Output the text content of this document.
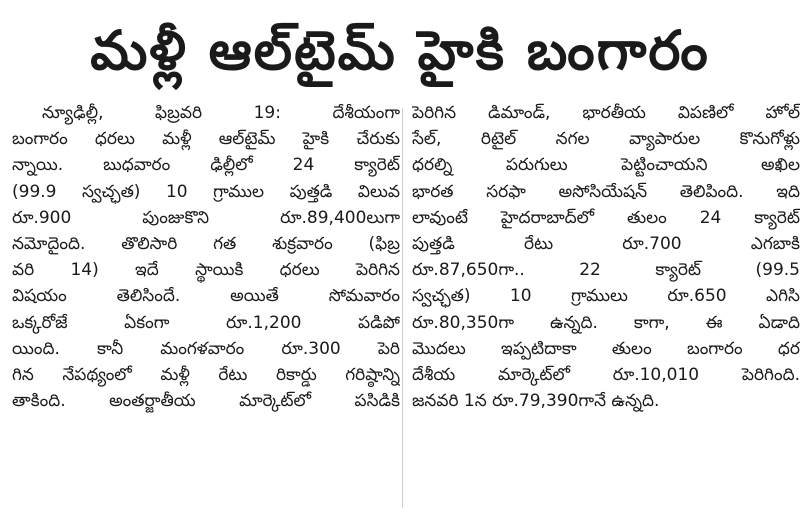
మళ్లీ ఆల్‌టైమ్ హైకి బంగారం
న్యూఢిల్లీ, ఫిబ్రవరి 19: దేశీయంగా
బంగారం ధరలు మళ్లీ ఆల్‌టైమ్ హైకి చేరుకు
న్నాయి. బుధవారం ఢిల్లీలో 24 క్యారెట్
(99.9 స్వచ్ఛత) 10 గ్రాముల పుత్తడి విలువ
రూ.900 పుంజుకొని రూ.89,400లుగా
నమోదైంది. తొలిసారి గత శుక్రవారం (ఫిబ్ర
వరి 14) ఇదే స్థాయికి ధరలు పెరిగిన
విషయం తెలిసిందే. అయితే సోమవారం
ఒక్కరోజే ఏకంగా రూ.1,200 పడిపో
యింది. కానీ మంగళవారం రూ.300 పెరి
గిన నేపథ్యంలో మళ్లీ రేటు రికార్డు గరిష్ఠాన్ని
తాకింది. అంతర్జాతీయ మార్కెట్‌లో పసిడికి
పెరిగిన డిమాండ్, భారతీయ విపణిలో హోల్
సేల్, రిటైల్ నగల వ్యాపారుల కొనుగోళ్లు
ధరల్ని పరుగులు పెట్టించాయని అఖిల
భారత సరఫా అసోసియేషన్ తెలిపింది. ఇది
లావుంటే హైదరాబాద్‌లో తులం 24 క్యారెట్
పుత్తడి రేటు రూ.700 ఎగబాకి
రూ.87,650గా.. 22 క్యారెట్ (99.5
స్వచ్ఛత) 10 గ్రాములు రూ.650 ఎగిసి
రూ.80,350గా ఉన్నది. కాగా, ఈ ఏడాది
మొదలు ఇప్పటిదాకా తులం బంగారం ధర
దేశీయ మార్కెట్‌లో రూ.10,010 పెరిగింది.
జనవరి 1న రూ.79,390గానే ఉన్నది.
